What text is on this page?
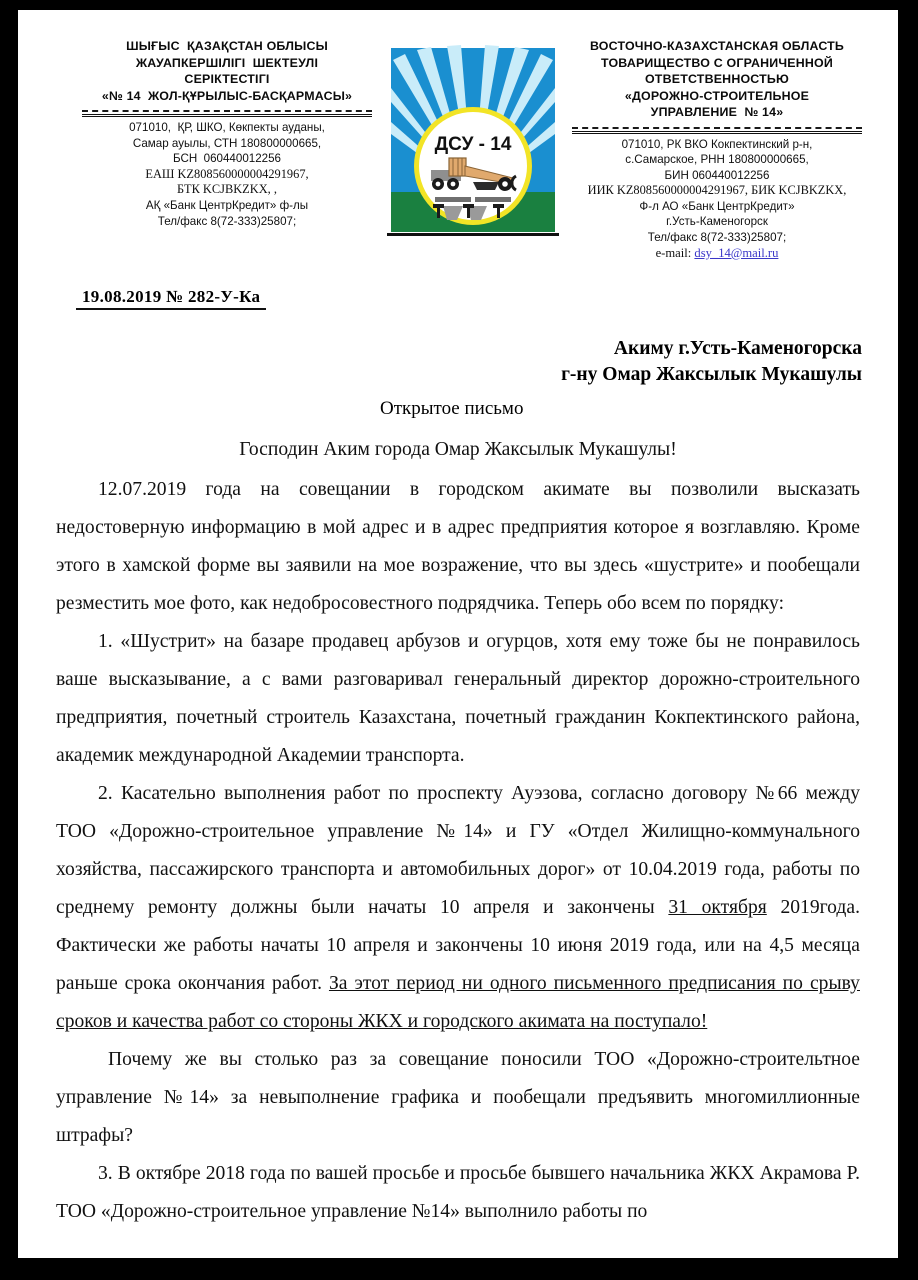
ШЫҒЫС  ҚАЗАҚСТАН ОБЛЫСЫ
ЖАУАПКЕРШІЛІГІ  ШЕКТЕУЛІ
СЕРІКТЕСТІГІ
«№ 14  ЖОЛ-ҚҰРЫЛЫС-БАСҚАРМАСЫ»
071010,  ҚР, ШКО, Көкпекты ауданы,
Самар ауылы, СТН 180800000665,
БСН  060440012256
ЕАШ KZ808560000004291967,
БТК KCJBKZKX, ,
АҚ «Банк ЦентрКредит» ф-лы
Тел/факс 8(72-333)25807;
ДСУ - 14
ВОСТОЧНО-КАЗАХСТАНСКАЯ ОБЛАСТЬ
ТОВАРИЩЕСТВО С ОГРАНИЧЕННОЙ
ОТВЕТСТВЕННОСТЬЮ
«ДОРОЖНО-СТРОИТЕЛЬНОЕ
УПРАВЛЕНИЕ  № 14»
071010, РК ВКО Кокпектинский р-н,
с.Самарское, РНН 180800000665,
БИН 060440012256
ИИК KZ808560000004291967, БИК KCJBKZKX,
Ф-л АО «Банк ЦентрКредит»
г.Усть-Каменогорск
Тел/факс 8(72-333)25807;
e-mail: dsy_14@mail.ru
19.08.2019 № 282-У-Ка
Акиму г.Усть-Каменогорска
г-ну Омар Жаксылык Мукашулы
Открытое письмо

Господин Аким города Омар Жаксылык Мукашулы!

12.07.2019 года на совещании в городском акимате вы позволили высказать недостоверную информацию в мой адрес и в адрес предприятия которое я возглавляю. Кроме этого в хамской форме вы заявили на мое возражение, что вы здесь «шустрите» и пообещали резместить мое фото, как недобросовестного подрядчика. Теперь обо всем по порядку:

1. «Шустрит» на базаре продавец арбузов и огурцов, хотя ему тоже бы не понравилось ваше высказывание, а с вами разговаривал генеральный директор дорожно-строительного предприятия, почетный строитель Казахстана, почетный гражданин Кокпектинского района, академик международной Академии транспорта.

2. Касательно выполнения работ по проспекту Ауэзова, согласно договору №66 между ТОО «Дорожно-строительное управление №14» и ГУ «Отдел Жилищно-коммунального хозяйства, пассажирского транспорта и автомобильных дорог» от 10.04.2019 года, работы по среднему ремонту должны были начаты 10 апреля и закончены 31 октября 2019года. Фактически же работы начаты 10 апреля и закончены 10 июня 2019 года, или на 4,5 месяца раньше срока окончания работ. За этот период ни одного письменного предписания по срыву сроков и качества работ со стороны ЖКХ и городского акимата на поступало!

Почему же вы столько раз за совещание поносили ТОО «Дорожно-строительтное управление №14» за невыполнение графика и пообещали предъявить многомиллионные штрафы?

3. В октябре 2018 года по вашей просьбе и просьбе бывшего начальника ЖКХ Акрамова Р. ТОО «Дорожно-строительное управление №14» выполнило работы по
